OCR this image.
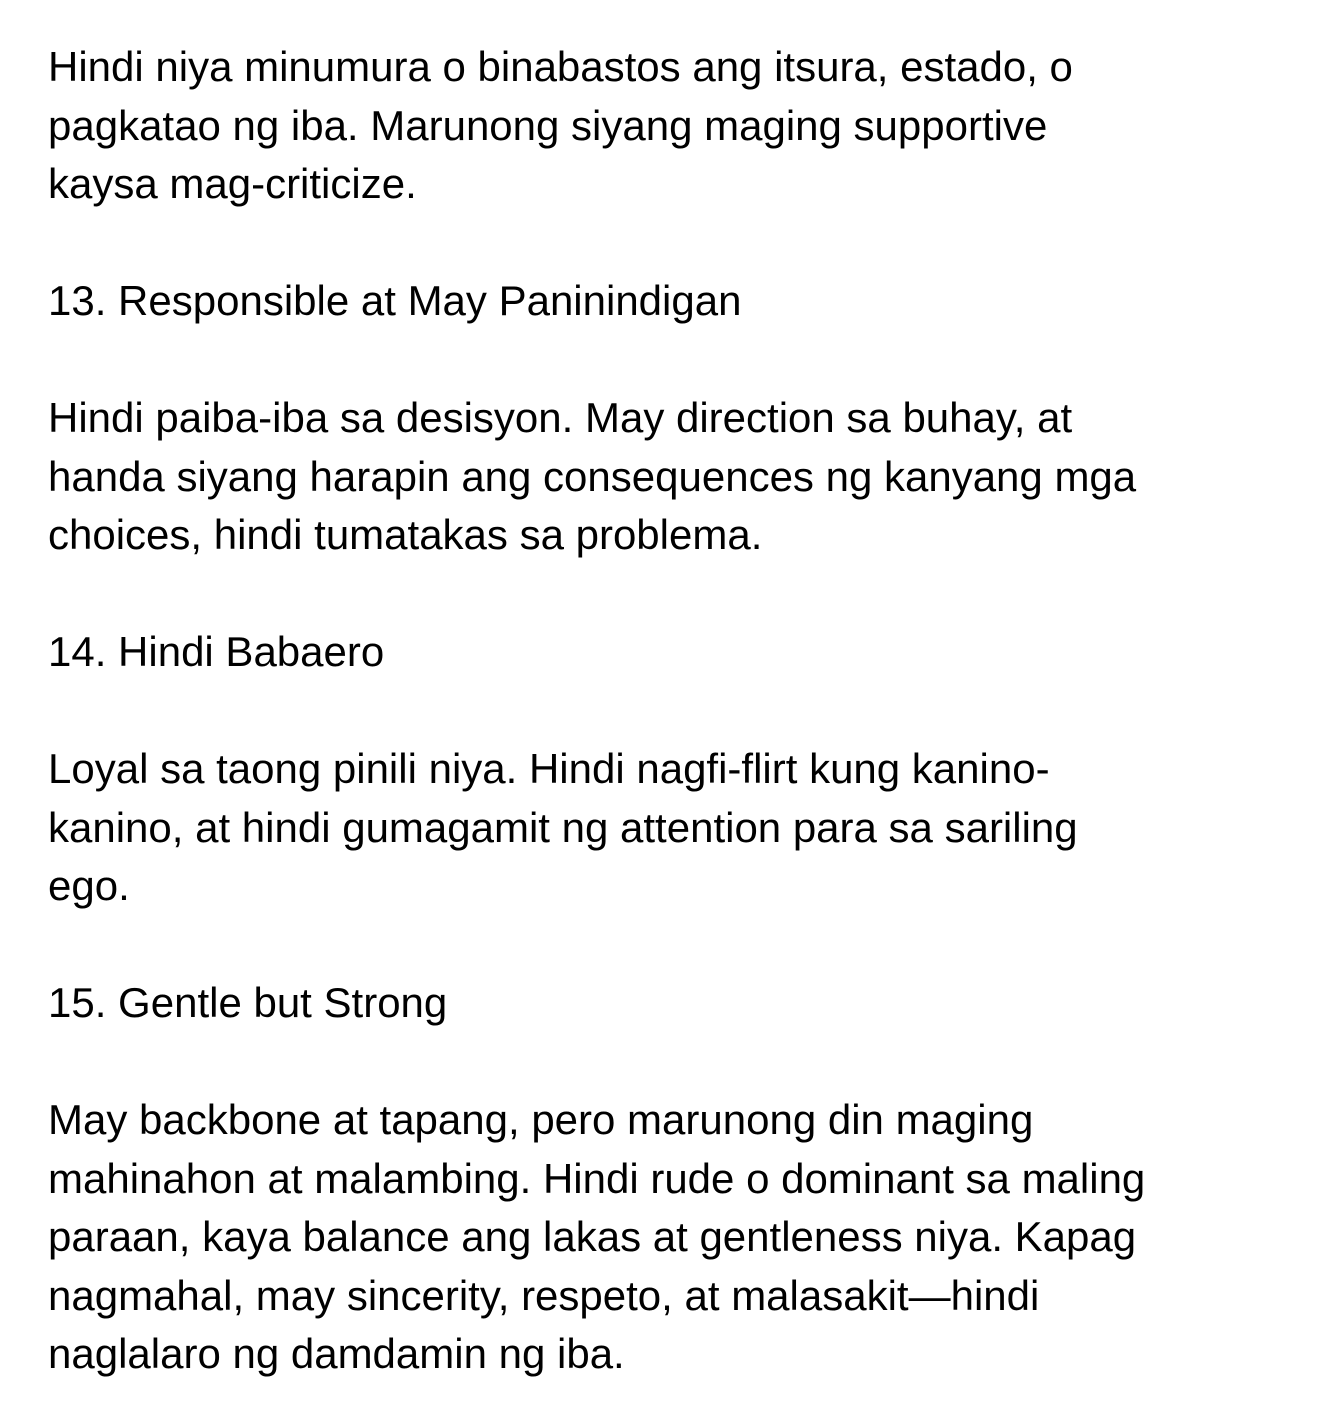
Hindi niya minumura o binabastos ang itsura, estado, o
pagkatao ng iba. Marunong siyang maging supportive
kaysa mag-criticize.
13. Responsible at May Paninindigan
Hindi paiba-iba sa desisyon. May direction sa buhay, at
handa siyang harapin ang consequences ng kanyang mga
choices, hindi tumatakas sa problema.
14. Hindi Babaero
Loyal sa taong pinili niya. Hindi nagfi-flirt kung kanino-
kanino, at hindi gumagamit ng attention para sa sariling
ego.
15. Gentle but Strong
May backbone at tapang, pero marunong din maging
mahinahon at malambing. Hindi rude o dominant sa maling
paraan, kaya balance ang lakas at gentleness niya. Kapag
nagmahal, may sincerity, respeto, at malasakit—hindi
naglalaro ng damdamin ng iba.
